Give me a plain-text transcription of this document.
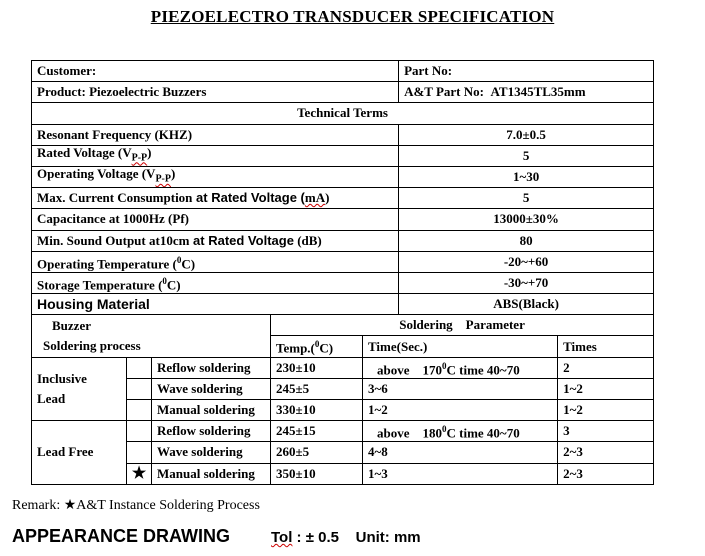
PIEZOELECTRO TRANSDUCER SPECIFICATION
Customer:					Part No:	
Product: Piezoelectric Buzzers					A&T Part No: AT1345TL35mm	
Technical Terms						
Resonant Frequency (KHZ)					7.0±0.5	
Rated Voltage $(V_{P-P})$					5	
Operating Voltage $(V_{P-P})$					1~30	
Max. Current Consumption at Rated Voltage (mA)					5	
Capacitance at 1000Hz (Pf)					13000±30%	
Min. Sound Output at10cm at Rated Voltage (dB)					80	
Operating Temperature ($^0$C)					-20~+60	
Storage Temperature ($^0$C)					-30~+70	
Housing Material					ABS(Black)	
Buzzer			Soldering    Parameter			
Soldering process			Temp.($^0$C)	Time(Sec.)		Times

Inclusive
Lead		Reflow soldering	230±10	above    $170^0C$ time 40~70		2
		Wave soldering	245±5	3~6		1~2
		Manual soldering	330±10	1~2		1~2
Lead Free		Reflow soldering	245±15	above    $180^0C$ time 40~70		3
		Wave soldering	260±5	4~8		2~3
	★	Manual soldering	350±10	1~3		2~3
Remark: ★A&T Instance Soldering Process
APPEARANCE DRAWING	Tol : ± 0.5    Unit: mm
